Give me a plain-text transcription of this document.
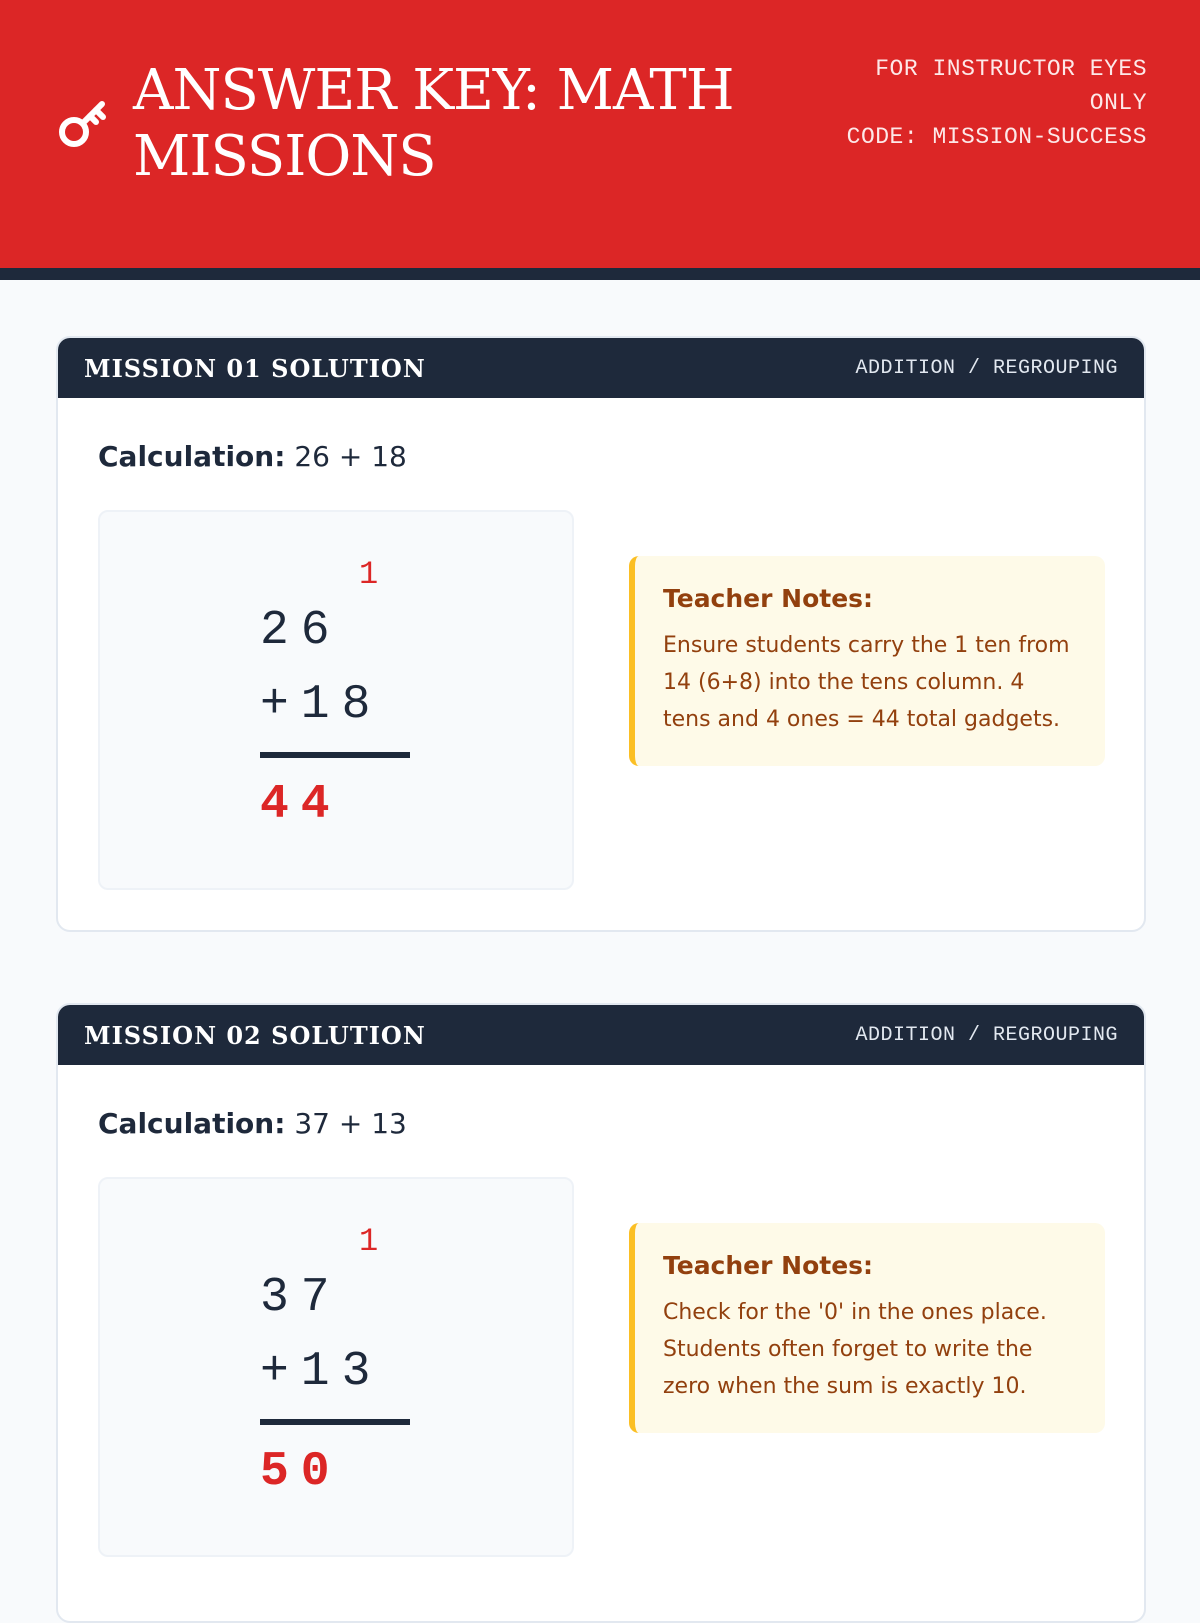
ANSWER KEY: MATH MISSIONS
FOR INSTRUCTOR EYES ONLY
CODE: MISSION-SUCCESS
MISSION 01 SOLUTION	ADDITION / REGROUPING
Calculation: 26 + 18
1
26
+18
44
Teacher Notes:
Ensure students carry the 1 ten from 14 (6+8) into the tens column. 4 tens and 4 ones = 44 total gadgets.
MISSION 02 SOLUTION	ADDITION / REGROUPING
Calculation: 37 + 13
1
37
+13
50
Teacher Notes:
Check for the '0' in the ones place. Students often forget to write the zero when the sum is exactly 10.
